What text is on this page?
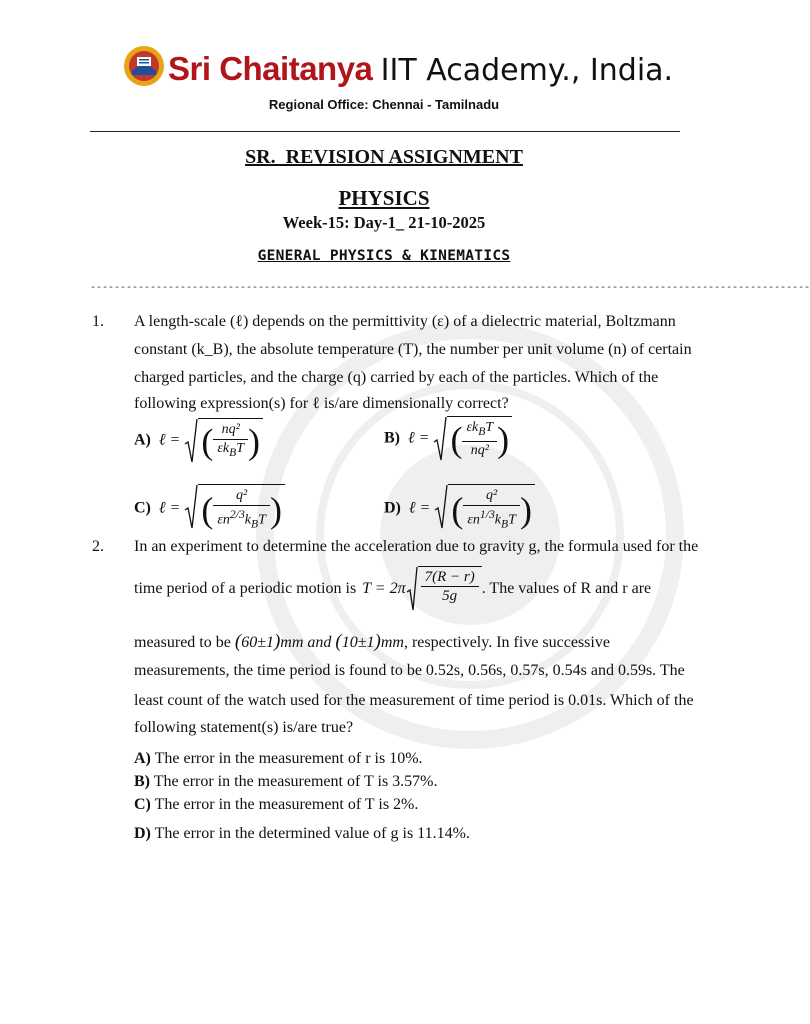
Sri Chaitanya IIT Academy., India.
Regional Office: Chennai - Tamilnadu
SR._REVISION ASSIGNMENT
PHYSICS
Week-15: Day-1_ 21-10-2025
GENERAL PHYSICS & KINEMATICS
------------------------------------------------------------------------------------------------------------------------
1. A length-scale (ℓ) depends on the permittivity (ε) of a dielectric material, Boltzmann
constant (k_B), the absolute temperature (T), the number per unit volume (n) of certain
charged particles, and the charge (q) carried by each of the particles. Which of the
following expression(s) for ℓ is/are dimensionally correct?
A)  ℓ = ( $\frac{\text{nq²}}{\varepsilon k_BT}$ )	B)  ℓ = ( $\frac{\varepsilon k_BT}{\text{nq²}}$ )
C)  ℓ = ( $\frac{\text{q²}}{\varepsilon n^{2/3}k_BT}$ )	D)  ℓ = ( $\frac{\text{q²}}{\varepsilon n^{1/3}k_BT}$ )
2. In an experiment to determine the acceleration due to gravity g, the formula used for the
time period of a periodic motion is $T = 2\pi \frac{7(R - r)}{5g}$ . The values of R and r are
measured to be (60±1)mm and (10±1)mm, respectively. In five successive
measurements, the time period is found to be 0.52s, 0.56s, 0.57s, 0.54s and 0.59s. The
least count of the watch used for the measurement of time period is 0.01s. Which of the
following statement(s) is/are true?
A) The error in the measurement of r is 10%.
B) The error in the measurement of T is 3.57%.
C) The error in the measurement of T is 2%.
D) The error in the determined value of g is 11.14%.
